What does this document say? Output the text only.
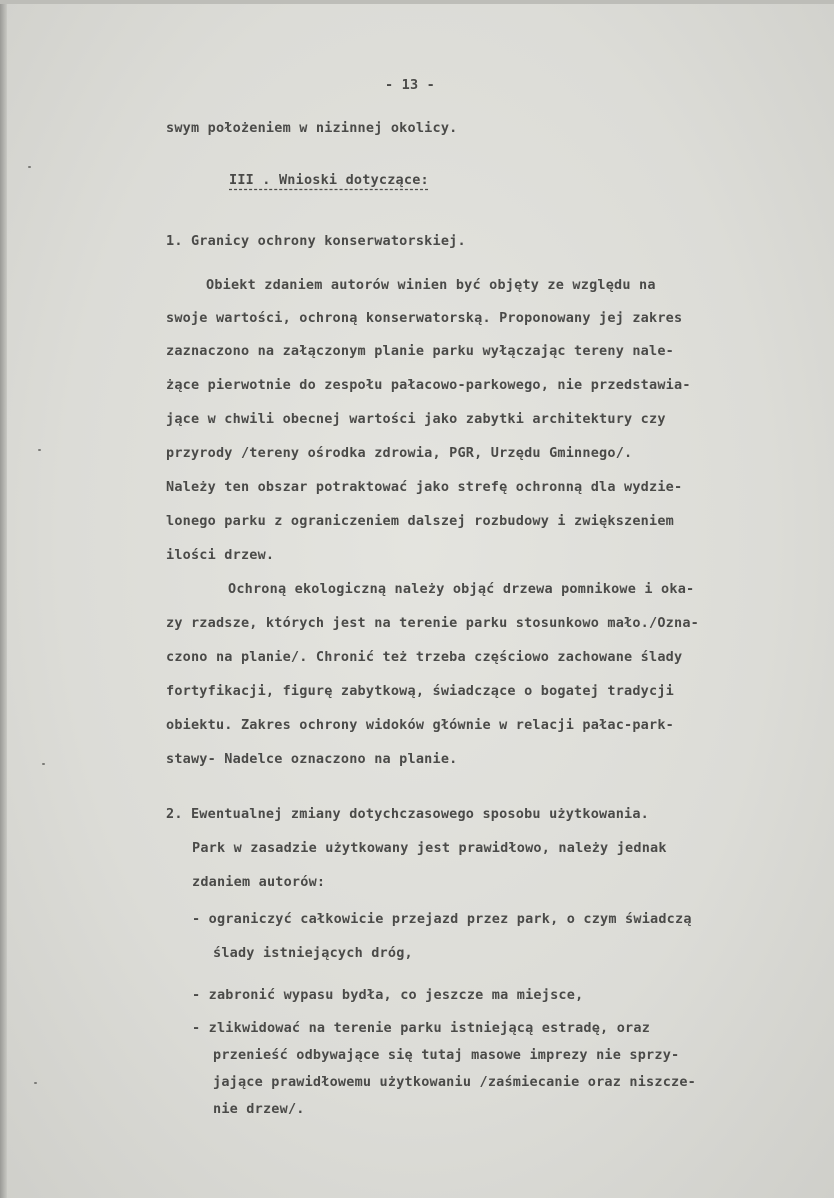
- 13 -
swym położeniem w nizinnej okolicy.
III . Wnioski dotyczące:
1. Granicy ochrony konserwatorskiej.
Obiekt zdaniem autorów winien być objęty ze względu na
swoje wartości, ochroną konserwatorską. Proponowany jej zakres
zaznaczono na załączonym planie parku wyłączając tereny nale-
żące pierwotnie do zespołu pałacowo-parkowego, nie przedstawia-
jące w chwili obecnej wartości jako zabytki architektury czy
przyrody /tereny ośrodka zdrowia, PGR, Urzędu Gminnego/.
Należy ten obszar potraktować jako strefę ochronną dla wydzie-
lonego parku z ograniczeniem dalszej rozbudowy i zwiększeniem
ilości drzew.
Ochroną ekologiczną należy objąć drzewa pomnikowe i oka-
zy rzadsze, których jest na terenie parku stosunkowo mało./Ozna-
czono na planie/. Chronić też trzeba częściowo zachowane ślady
fortyfikacji, figurę zabytkową, świadczące o bogatej tradycji
obiektu. Zakres ochrony widoków głównie w relacji pałac-park-
stawy- Nadelce oznaczono na planie.
2. Ewentualnej zmiany dotychczasowego sposobu użytkowania.
Park w zasadzie użytkowany jest prawidłowo, należy jednak
zdaniem autorów:
- ograniczyć całkowicie przejazd przez park, o czym świadczą
ślady istniejących dróg,
- zabronić wypasu bydła, co jeszcze ma miejsce,
- zlikwidować na terenie parku istniejącą estradę, oraz
przenieść odbywające się tutaj masowe imprezy nie sprzy-
jające prawidłowemu użytkowaniu /zaśmiecanie oraz niszcze-
nie drzew/.
